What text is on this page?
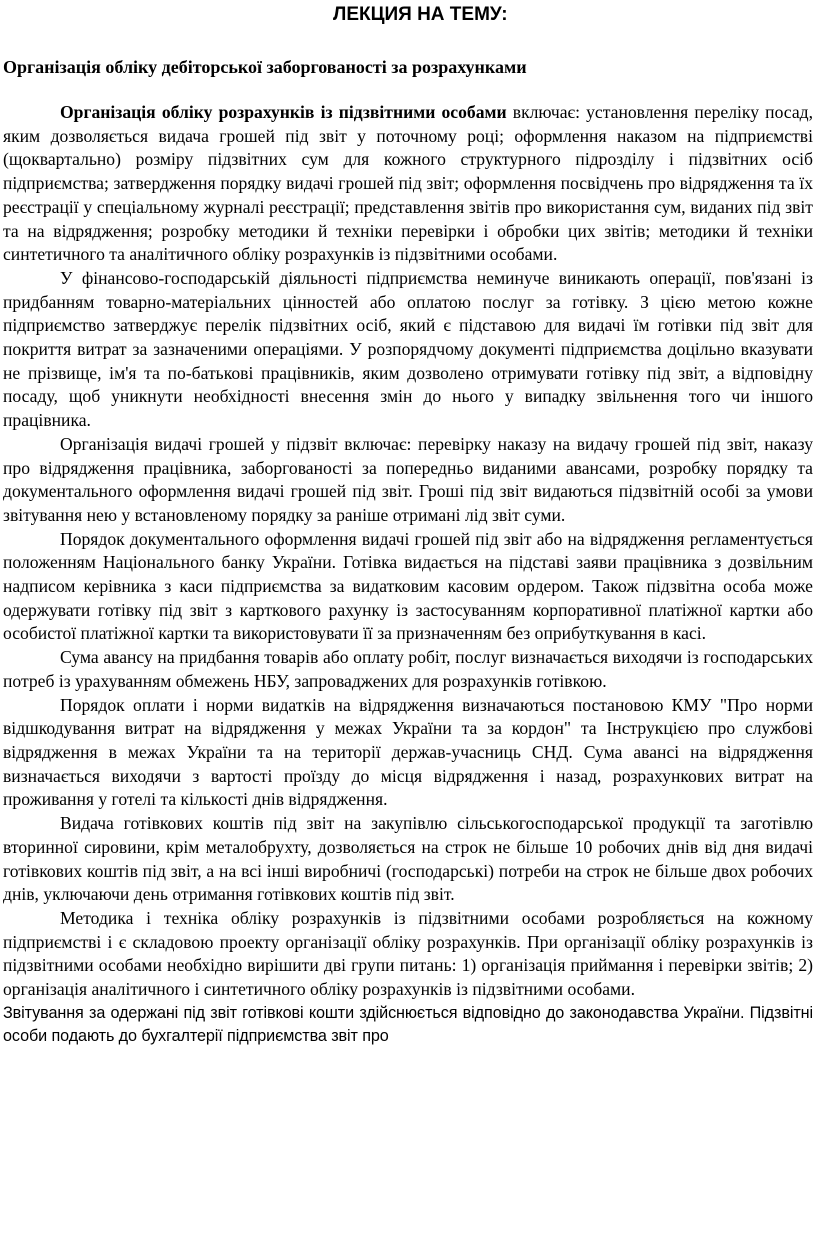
ЛЕКЦИЯ НА ТЕМУ:
Організація обліку дебіторської заборгованості за розрахунками

Організація обліку розрахунків із підзвітними особами включає: установлення переліку посад, яким дозволяється видача грошей під звіт у поточному році; оформлення наказом на підприємстві (щоквартально) розміру підзвітних сум для кожного структурного підрозділу і підзвітних осіб підприємства; затвердження порядку видачі грошей під звіт; оформлення посвідчень про відрядження та їх реєстрації у спеціальному журналі реєстрації; представлення звітів про використання сум, виданих під звіт та на відрядження; розробку методики й техніки перевірки і обробки цих звітів; методики й техніки синтетичного та аналітичного обліку розрахунків із підзвітними особами.

У фінансово-господарській діяльності підприємства неминуче виникають операції, пов'язані із придбанням товарно-матеріальних цінностей або оплатою послуг за готівку. З цією метою кожне підприємство затверджує перелік підзвітних осіб, який є підставою для видачі їм готівки під звіт для покриття витрат за зазначеними операціями. У розпорядчому документі підприємства доцільно вказувати не прізвище, ім'я та по-батькові працівників, яким дозволено отримувати готівку під звіт, а відповідну посаду, щоб уникнути необхідності внесення змін до нього у випадку звільнення того чи іншого працівника.

Організація видачі грошей у підзвіт включає: перевірку наказу на видачу грошей під звіт, наказу про відрядження працівника, заборгованості за попередньо виданими авансами, розробку порядку та документального оформлення видачі грошей під звіт. Гроші під звіт видаються підзвітній особі за умови звітування нею у встановленому порядку за раніше отримані лід звіт суми.

Порядок документального оформлення видачі грошей під звіт або на відрядження регламентується положенням Національного банку України. Готівка видається на підставі заяви працівника з дозвільним надписом керівника з каси підприємства за видатковим касовим ордером. Також підзвітна особа може одержувати готівку під звіт з карткового рахунку із застосуванням корпоративної платіжної картки або особистої платіжної картки та використовувати її за призначенням без оприбуткування в касі.

Сума авансу на придбання товарів або оплату робіт, послуг визначається виходячи із господарських потреб із урахуванням обмежень НБУ, запроваджених для розрахунків готівкою.

Порядок оплати і норми видатків на відрядження визначаються постановою КМУ "Про норми відшкодування витрат на відрядження у межах України та за кордон" та Інструкцією про службові відрядження в межах України та на території держав-учасниць СНД. Сума авансі на відрядження визначається виходячи з вартості проїзду до місця відрядження і назад, розрахункових витрат на проживання у готелі та кількості днів відрядження.

Видача готівкових коштів під звіт на закупівлю сільськогосподарської продукції та заготівлю вторинної сировини, крім металобрухту, дозволяється на строк не більше 10 робочих днів від дня видачі готівкових коштів під звіт, а на всі інші виробничі (господарські) потреби на строк не більше двох робочих днів, уключаючи день отримання готівкових коштів під звіт.

Методика і техніка обліку розрахунків із підзвітними особами розробляється на кожному підприємстві і є складовою проекту організації обліку розрахунків. При організації обліку розрахунків із підзвітними особами необхідно вирішити дві групи питань: 1) організація приймання і перевірки звітів; 2) організація аналітичного і синтетичного обліку розрахунків із підзвітними особами.

Звітування за одержані під звіт готівкові кошти здійснюється відповідно до законодавства України. Підзвітні особи подають до бухгалтерії підприємства звіт про
